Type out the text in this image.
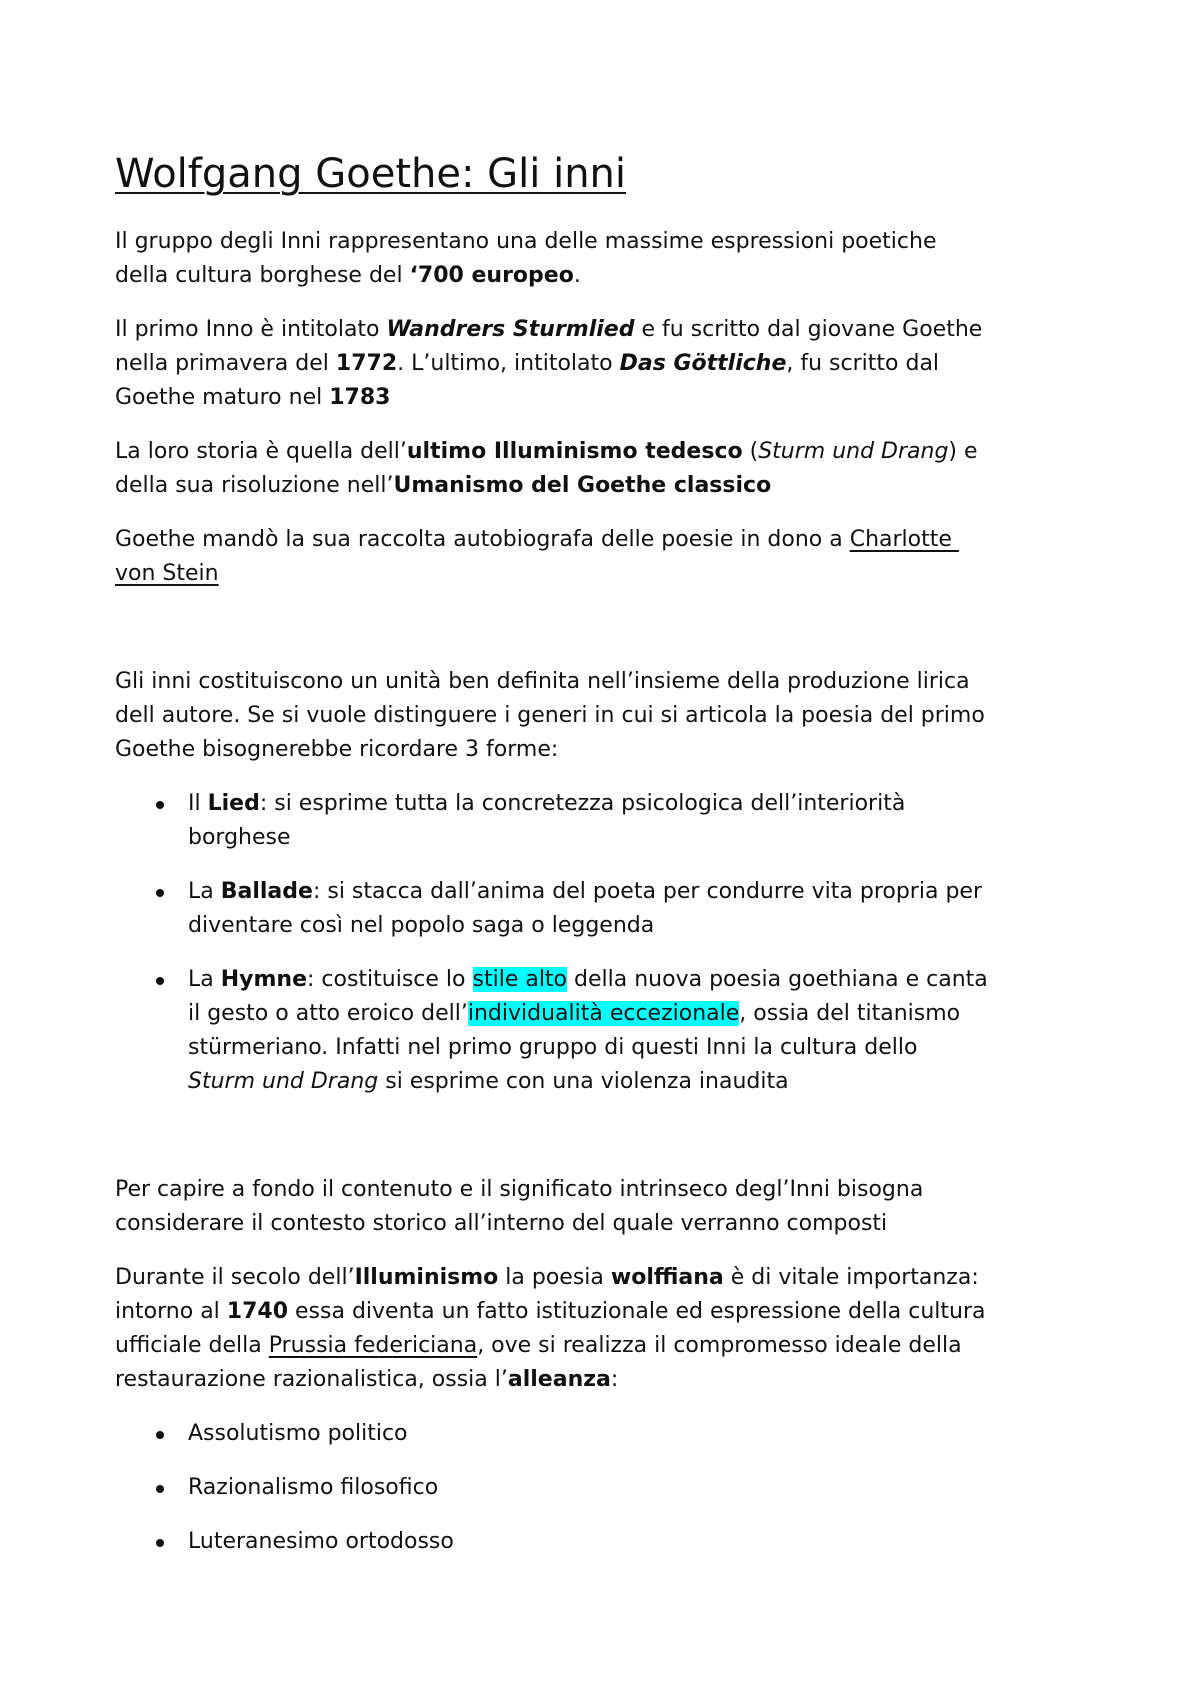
Wolfgang Goethe: Gli inni

Il gruppo degli Inni rappresentano una delle massime espressioni poetiche

della cultura borghese del ‘700 europeo.

Il primo Inno è intitolato Wandrers Sturmlied e fu scritto dal giovane Goethe

nella primavera del 1772. L’ultimo, intitolato Das Göttliche, fu scritto dal

Goethe maturo nel 1783

La loro storia è quella dell’ultimo Illuminismo tedesco (Sturm und Drang) e

della sua risoluzione nell’Umanismo del Goethe classico

Goethe mandò la sua raccolta autobiografa delle poesie in dono a Charlotte

von Stein

Gli inni costituiscono un unità ben definita nell’insieme della produzione lirica

dell autore. Se si vuole distinguere i generi in cui si articola la poesia del primo

Goethe bisognerebbe ricordare 3 forme:

Il Lied: si esprime tutta la concretezza psicologica dell’interiorità

borghese

La Ballade: si stacca dall’anima del poeta per condurre vita propria per

diventare così nel popolo saga o leggenda

La Hymne: costituisce lo stile alto della nuova poesia goethiana e canta

il gesto o atto eroico dell’individualità eccezionale, ossia del titanismo

stürmeriano. Infatti nel primo gruppo di questi Inni la cultura dello

Sturm und Drang si esprime con una violenza inaudita

Per capire a fondo il contenuto e il significato intrinseco degl’Inni bisogna

considerare il contesto storico all’interno del quale verranno composti

Durante il secolo dell’Illuminismo la poesia wolffiana è di vitale importanza:

intorno al 1740 essa diventa un fatto istituzionale ed espressione della cultura

ufficiale della Prussia federiciana, ove si realizza il compromesso ideale della

restaurazione razionalistica, ossia l’alleanza:

Assolutismo politico

Razionalismo filosofico

Luteranesimo ortodosso
